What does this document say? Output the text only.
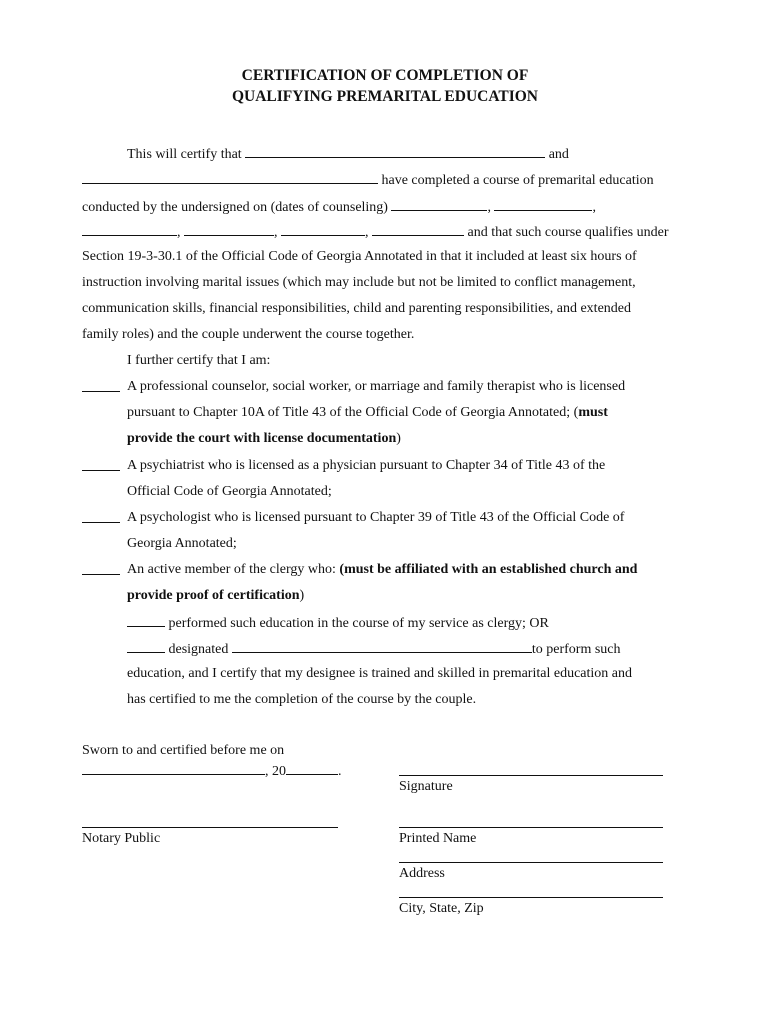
CERTIFICATION OF COMPLETION OF
QUALIFYING PREMARITAL EDUCATION
This will certify that	and
have completed a course of premarital education
conducted by the undersigned on (dates of counseling)	,	,
,	,	,	and that such course qualifies under
Section 19-3-30.1 of the Official Code of Georgia Annotated in that it included at least six hours of
instruction involving marital issues (which may include but not be limited to conflict management,
communication skills, financial responsibilities, child and parenting responsibilities, and extended
family roles) and the couple underwent the course together.
I further certify that I am:
A professional counselor, social worker, or marriage and family therapist who is licensed
pursuant to Chapter 10A of Title 43 of the Official Code of Georgia Annotated; (must
provide the court with license documentation)
A psychiatrist who is licensed as a physician pursuant to Chapter 34 of Title 43 of the
Official Code of Georgia Annotated;
A psychologist who is licensed pursuant to Chapter 39 of Title 43 of the Official Code of
Georgia Annotated;
An active member of the clergy who: (must be affiliated with an established church and
provide proof of certification)
performed such education in the course of my service as clergy; OR
designated	to perform such
education, and I certify that my designee is trained and skilled in premarital education and
has certified to me the completion of the course by the couple.
Sworn to and certified before me on
, 20	.
Signature
Notary Public	Printed Name
Address
City, State, Zip
